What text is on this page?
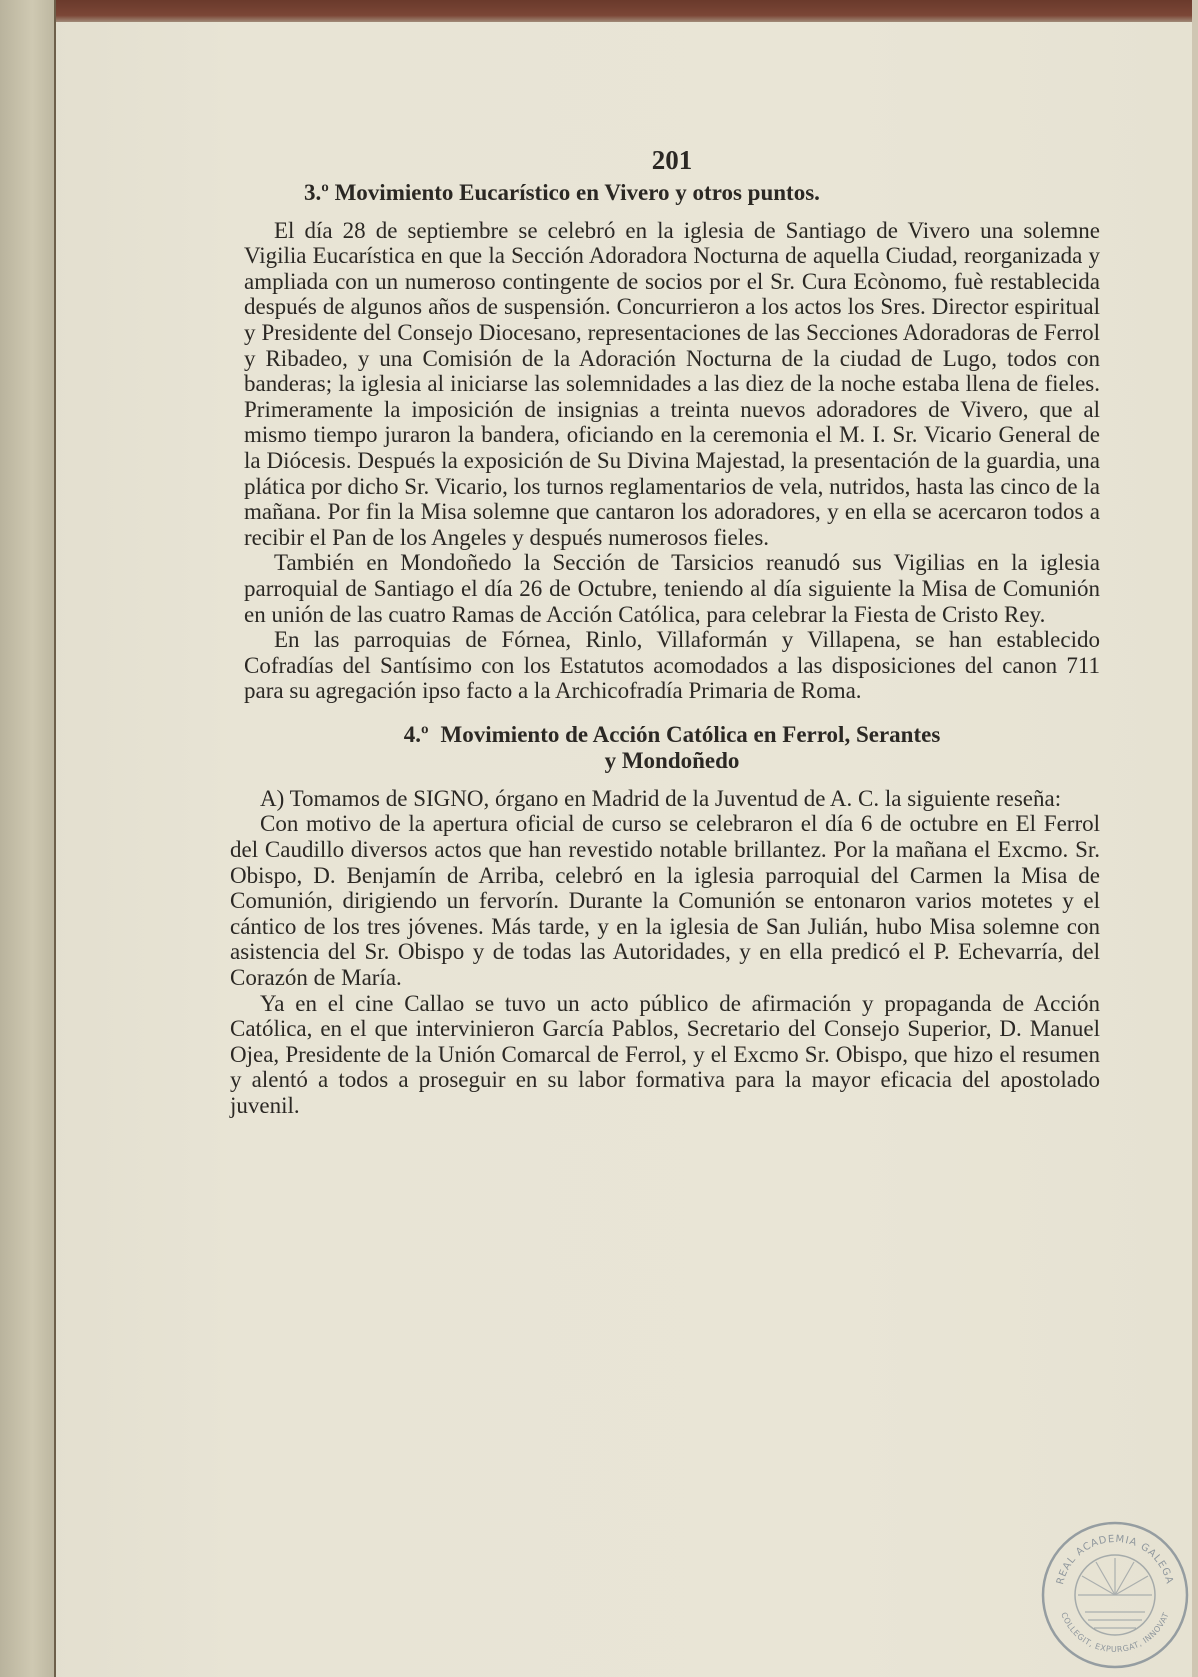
201
3.º Movimiento Eucarístico en Vivero y otros puntos.

El día 28 de septiembre se celebró en la iglesia de Santiago de Vivero una solemne Vigilia Eucarística en que la Sección Adoradora Nocturna de aquella Ciudad, reorganizada y ampliada con un numeroso contingente de socios por el Sr. Cura Ecònomo, fuè restablecida después de algunos años de suspensión. Concurrieron a los actos los Sres. Director espiritual y Presidente del Consejo Diocesano, representaciones de las Secciones Adoradoras de Ferrol y Ribadeo, y una Comisión de la Adoración Nocturna de la ciudad de Lugo, todos con banderas; la iglesia al iniciarse las solemnidades a las diez de la noche estaba llena de fieles. Primeramente la imposición de insignias a treinta nuevos adoradores de Vivero, que al mismo tiempo juraron la bandera, oficiando en la ceremonia el M. I. Sr. Vicario General de la Diócesis. Después la exposición de Su Divina Majestad, la presentación de la guardia, una plática por dicho Sr. Vicario, los turnos reglamentarios de vela, nutridos, hasta las cinco de la mañana. Por fin la Misa solemne que cantaron los adoradores, y en ella se acercaron todos a recibir el Pan de los Angeles y después numerosos fieles.

También en Mondoñedo la Sección de Tarsicios reanudó sus Vigilias en la iglesia parroquial de Santiago el día 26 de Octubre, teniendo al día siguiente la Misa de Comunión en unión de las cuatro Ramas de Acción Católica, para celebrar la Fiesta de Cristo Rey.

En las parroquias de Fórnea, Rinlo, Villaformán y Villapena, se han establecido Cofradías del Santísimo con los Estatutos acomodados a las disposiciones del canon 711 para su agregación ipso facto a la Archicofradía Primaria de Roma.

4.º Movimiento de Acción Católica en Ferrol, Serantes
y Mondoñedo

A) Tomamos de SIGNO, órgano en Madrid de la Juventud de A. C. la siguiente reseña:

Con motivo de la apertura oficial de curso se celebraron el día 6 de octubre en El Ferrol del Caudillo diversos actos que han revestido notable brillantez. Por la mañana el Excmo. Sr. Obispo, D. Benjamín de Arriba, celebró en la iglesia parroquial del Carmen la Misa de Comunión, dirigiendo un fervorín. Durante la Comunión se entonaron varios motetes y el cántico de los tres jóvenes. Más tarde, y en la iglesia de San Julián, hubo Misa solemne con asistencia del Sr. Obispo y de todas las Autoridades, y en ella predicó el P. Echevarría, del Corazón de María.

Ya en el cine Callao se tuvo un acto público de afirmación y propaganda de Acción Católica, en el que intervinieron García Pablos, Secretario del Consejo Superior, D. Manuel Ojea, Presidente de la Unión Comarcal de Ferrol, y el Excmo Sr. Obispo, que hizo el resumen y alentó a todos a proseguir en su labor formativa para la mayor eficacia del apostolado juvenil.

REAL ACADEMIA GALEGA
COLLEGIT, EXPURGAT, INNOVAT
